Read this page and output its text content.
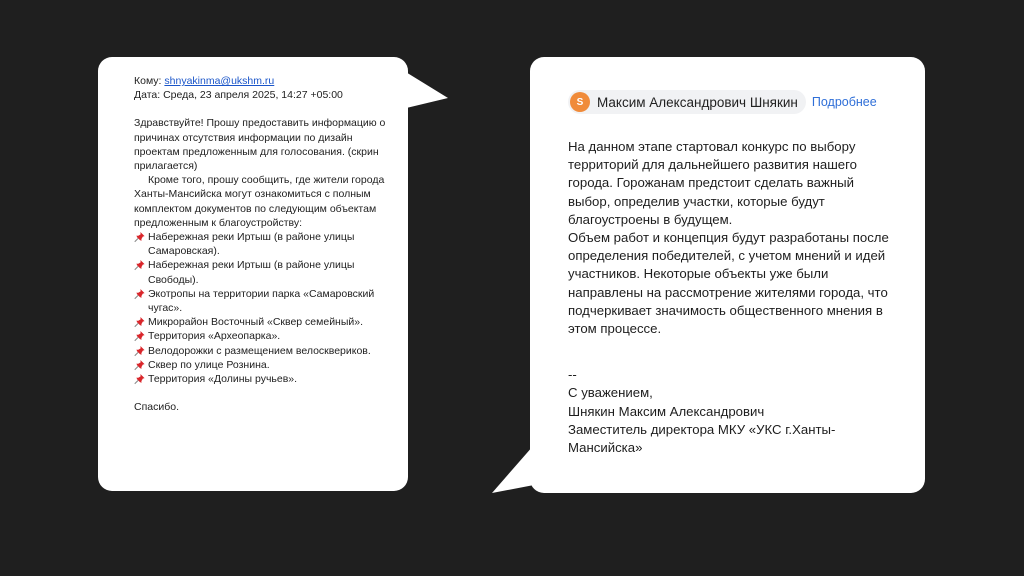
Кому: shnyakinma@ukshm.ru
Дата: Среда, 23 апреля 2025, 14:27 +05:00

Здравствуйте! Прошу предоставить информацию о причинах отсутствия информации по дизайн проектам предложенным для голосования. (скрин прилагается)

Кроме того, прошу сообщить, где жители города Ханты-Мансийска могут ознакомиться с полным комплектом документов по следующим объектам предложенным к благоустройству:

Набережная реки Иртыш (в районе улицы Самаровская).
Набережная реки Иртыш (в районе улицы Свободы).
Экотропы на территории парка «Самаровский чугас».
Микрорайон Восточный «Сквер семейный».
Территория «Археопарка».
Велодорожки с размещением велосквериков.
Сквер по улице Рознина.
Территория «Долины ручьев».

Спасибо.

S	Максим Александрович Шнякин Подробнее

На данном этапе стартовал конкурс по выбору территорий для дальнейшего развития нашего города. Горожанам предстоит сделать важный выбор, определив участки, которые будут благоустроены в будущем.

Объем работ и концепция будут разработаны после определения победителей, с учетом мнений и идей участников. Некоторые объекты уже были направлены на рассмотрение жителями города, что подчеркивает значимость общественного мнения в этом процессе.

--

С уважением,

Шнякин Максим Александрович

Заместитель директора МКУ «УКС г.Ханты-Мансийска»
